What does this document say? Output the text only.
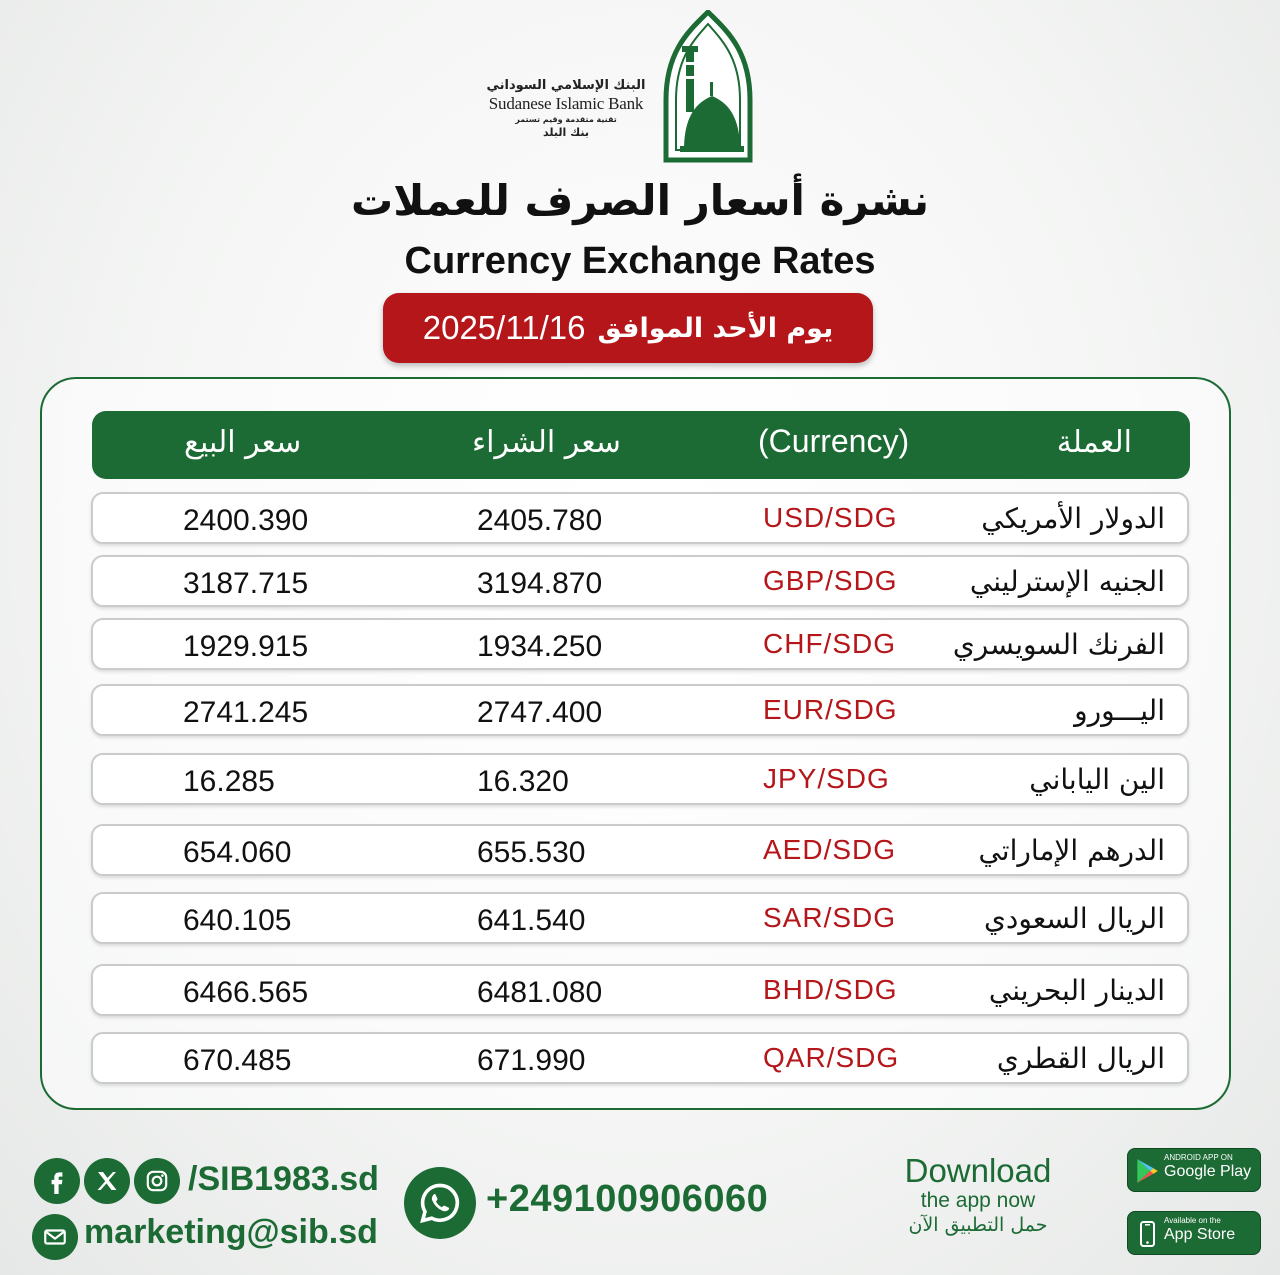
البنك الإسلامي السوداني
Sudanese Islamic Bank
تقنية متقدمة وقيم تستمر
بنك البلد
نشرة أسعار الصرف للعملات
Currency Exchange Rates
2025/11/16 يوم الأحد الموافق
العملة
(Currency)
سعر الشراء
سعر البيع
الدولار الأمريكي
USD/SDG
2405.780
2400.390
الجنيه الإسترليني
GBP/SDG
3194.870
3187.715
الفرنك السويسري
CHF/SDG
1934.250
1929.915
اليـــورو
EUR/SDG
2747.400
2741.245
الين الياباني
JPY/SDG
16.320
16.285
الدرهم الإماراتي
AED/SDG
655.530
654.060
الريال السعودي
SAR/SDG
641.540
640.105
الدينار البحريني
BHD/SDG
6481.080
6466.565
الريال القطري
QAR/SDG
671.990
670.485
/SIB1983.sd
marketing@sib.sd
+249100906060
Download
the app now
حمل التطبيق الآن
ANDROID APP ON
Google Play
Available on the
App Store
